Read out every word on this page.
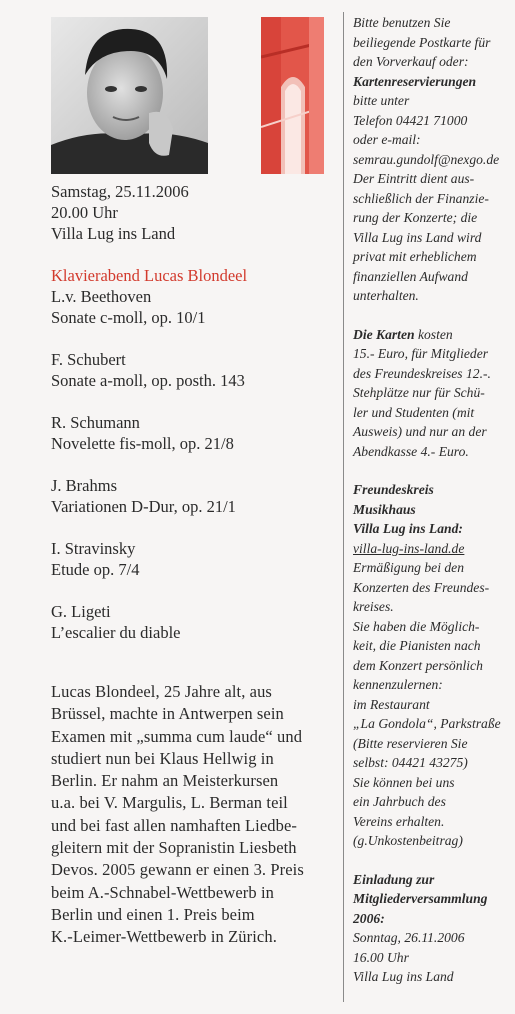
Samstag, 25.11.2006

20.00 Uhr

Villa Lug ins Land

Klavierabend Lucas Blondeel

L.v. Beethoven

Sonate c-moll, op. 10/1

F. Schubert

Sonate a-moll, op. posth. 143

R. Schumann

Novelette fis-moll, op. 21/8

J. Brahms

Variationen D-Dur, op. 21/1

I. Stravinsky

Etude op. 7/4

G. Ligeti

L’escalier du diable

Lucas Blondeel, 25 Jahre alt, aus

Brüssel, machte in Antwerpen sein

Examen mit „summa cum laude“ und

studiert nun bei Klaus Hellwig in

Berlin. Er nahm an Meisterkursen

u.a. bei V. Margulis, L. Berman teil

und bei fast allen namhaften Liedbe-

gleitern mit der Sopranistin Liesbeth

Devos. 2005 gewann er einen 3. Preis

beim A.-Schnabel-Wettbewerb in

Berlin und einen 1. Preis beim

K.-Leimer-Wettbewerb in Zürich.

Bitte benutzen Sie

beiliegende Postkarte für

den Vorverkauf oder:

Kartenreservierungen

bitte unter

Telefon 04421 71000

oder e-mail:

semrau.gundolf@nexgo.de

Der Eintritt dient aus-

schließlich der Finanzie-

rung der Konzerte; die

Villa Lug ins Land wird

privat mit erheblichem

finanziellen Aufwand

unterhalten.

Die Karten kosten

15.- Euro, für Mitglieder

des Freundeskreises 12.-.

Stehplätze nur für Schü-

ler und Studenten (mit

Ausweis) und nur an der

Abendkasse 4.- Euro.

Freundeskreis

Musikhaus

Villa Lug ins Land:

villa-lug-ins-land.de

Ermäßigung bei den

Konzerten des Freundes-

kreises.

Sie haben die Möglich-

keit, die Pianisten nach

dem Konzert persönlich

kennenzulernen:

im Restaurant

„La Gondola“, Parkstraße

(Bitte reservieren Sie

selbst: 04421 43275)

Sie können bei uns

ein Jahrbuch des

Vereins erhalten.

(g.Unkostenbeitrag)

Einladung zur

Mitgliederversammlung

2006:

Sonntag, 26.11.2006

16.00 Uhr

Villa Lug ins Land
